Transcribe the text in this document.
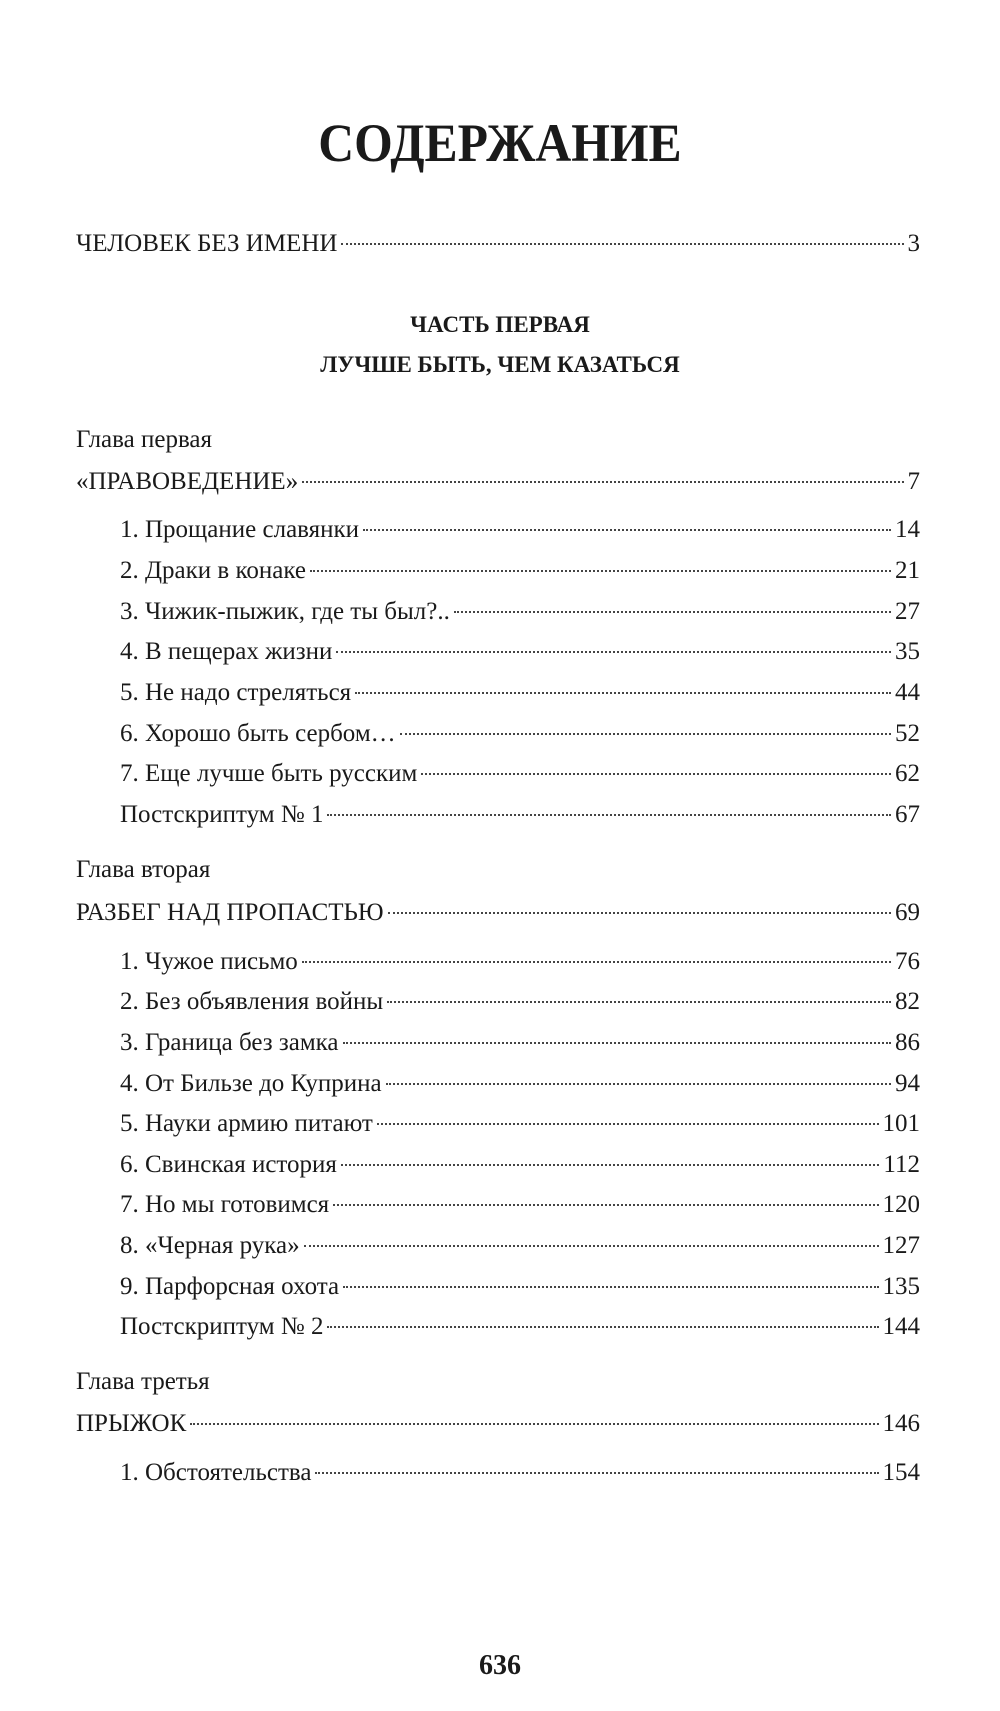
СОДЕРЖАНИЕ
ЧЕЛОВЕК БЕЗ ИМЕНИ	3
ЧАСТЬ ПЕРВАЯ
ЛУЧШЕ БЫТЬ, ЧЕМ КАЗАТЬСЯ
Глава первая
«ПРАВОВЕДЕНИЕ»	7
1. Прощание славянки	14
2. Драки в конаке	21
3. Чижик-пыжик, где ты был?..	27
4. В пещерах жизни	35
5. Не надо стреляться	44
6. Хорошо быть сербом…	52
7. Еще лучше быть русским	62
Постскриптум № 1	67
Глава вторая
РАЗБЕГ НАД ПРОПАСТЬЮ	69
1. Чужое письмо	76
2. Без объявления войны	82
3. Граница без замка	86
4. От Бильзе до Куприна	94
5. Науки армию питают	101
6. Свинская история	112
7. Но мы готовимся	120
8. «Черная рука»	127
9. Парфорсная охота	135
Постскриптум № 2	144
Глава третья
ПРЫЖОК	146
1. Обстоятельства	154
636
